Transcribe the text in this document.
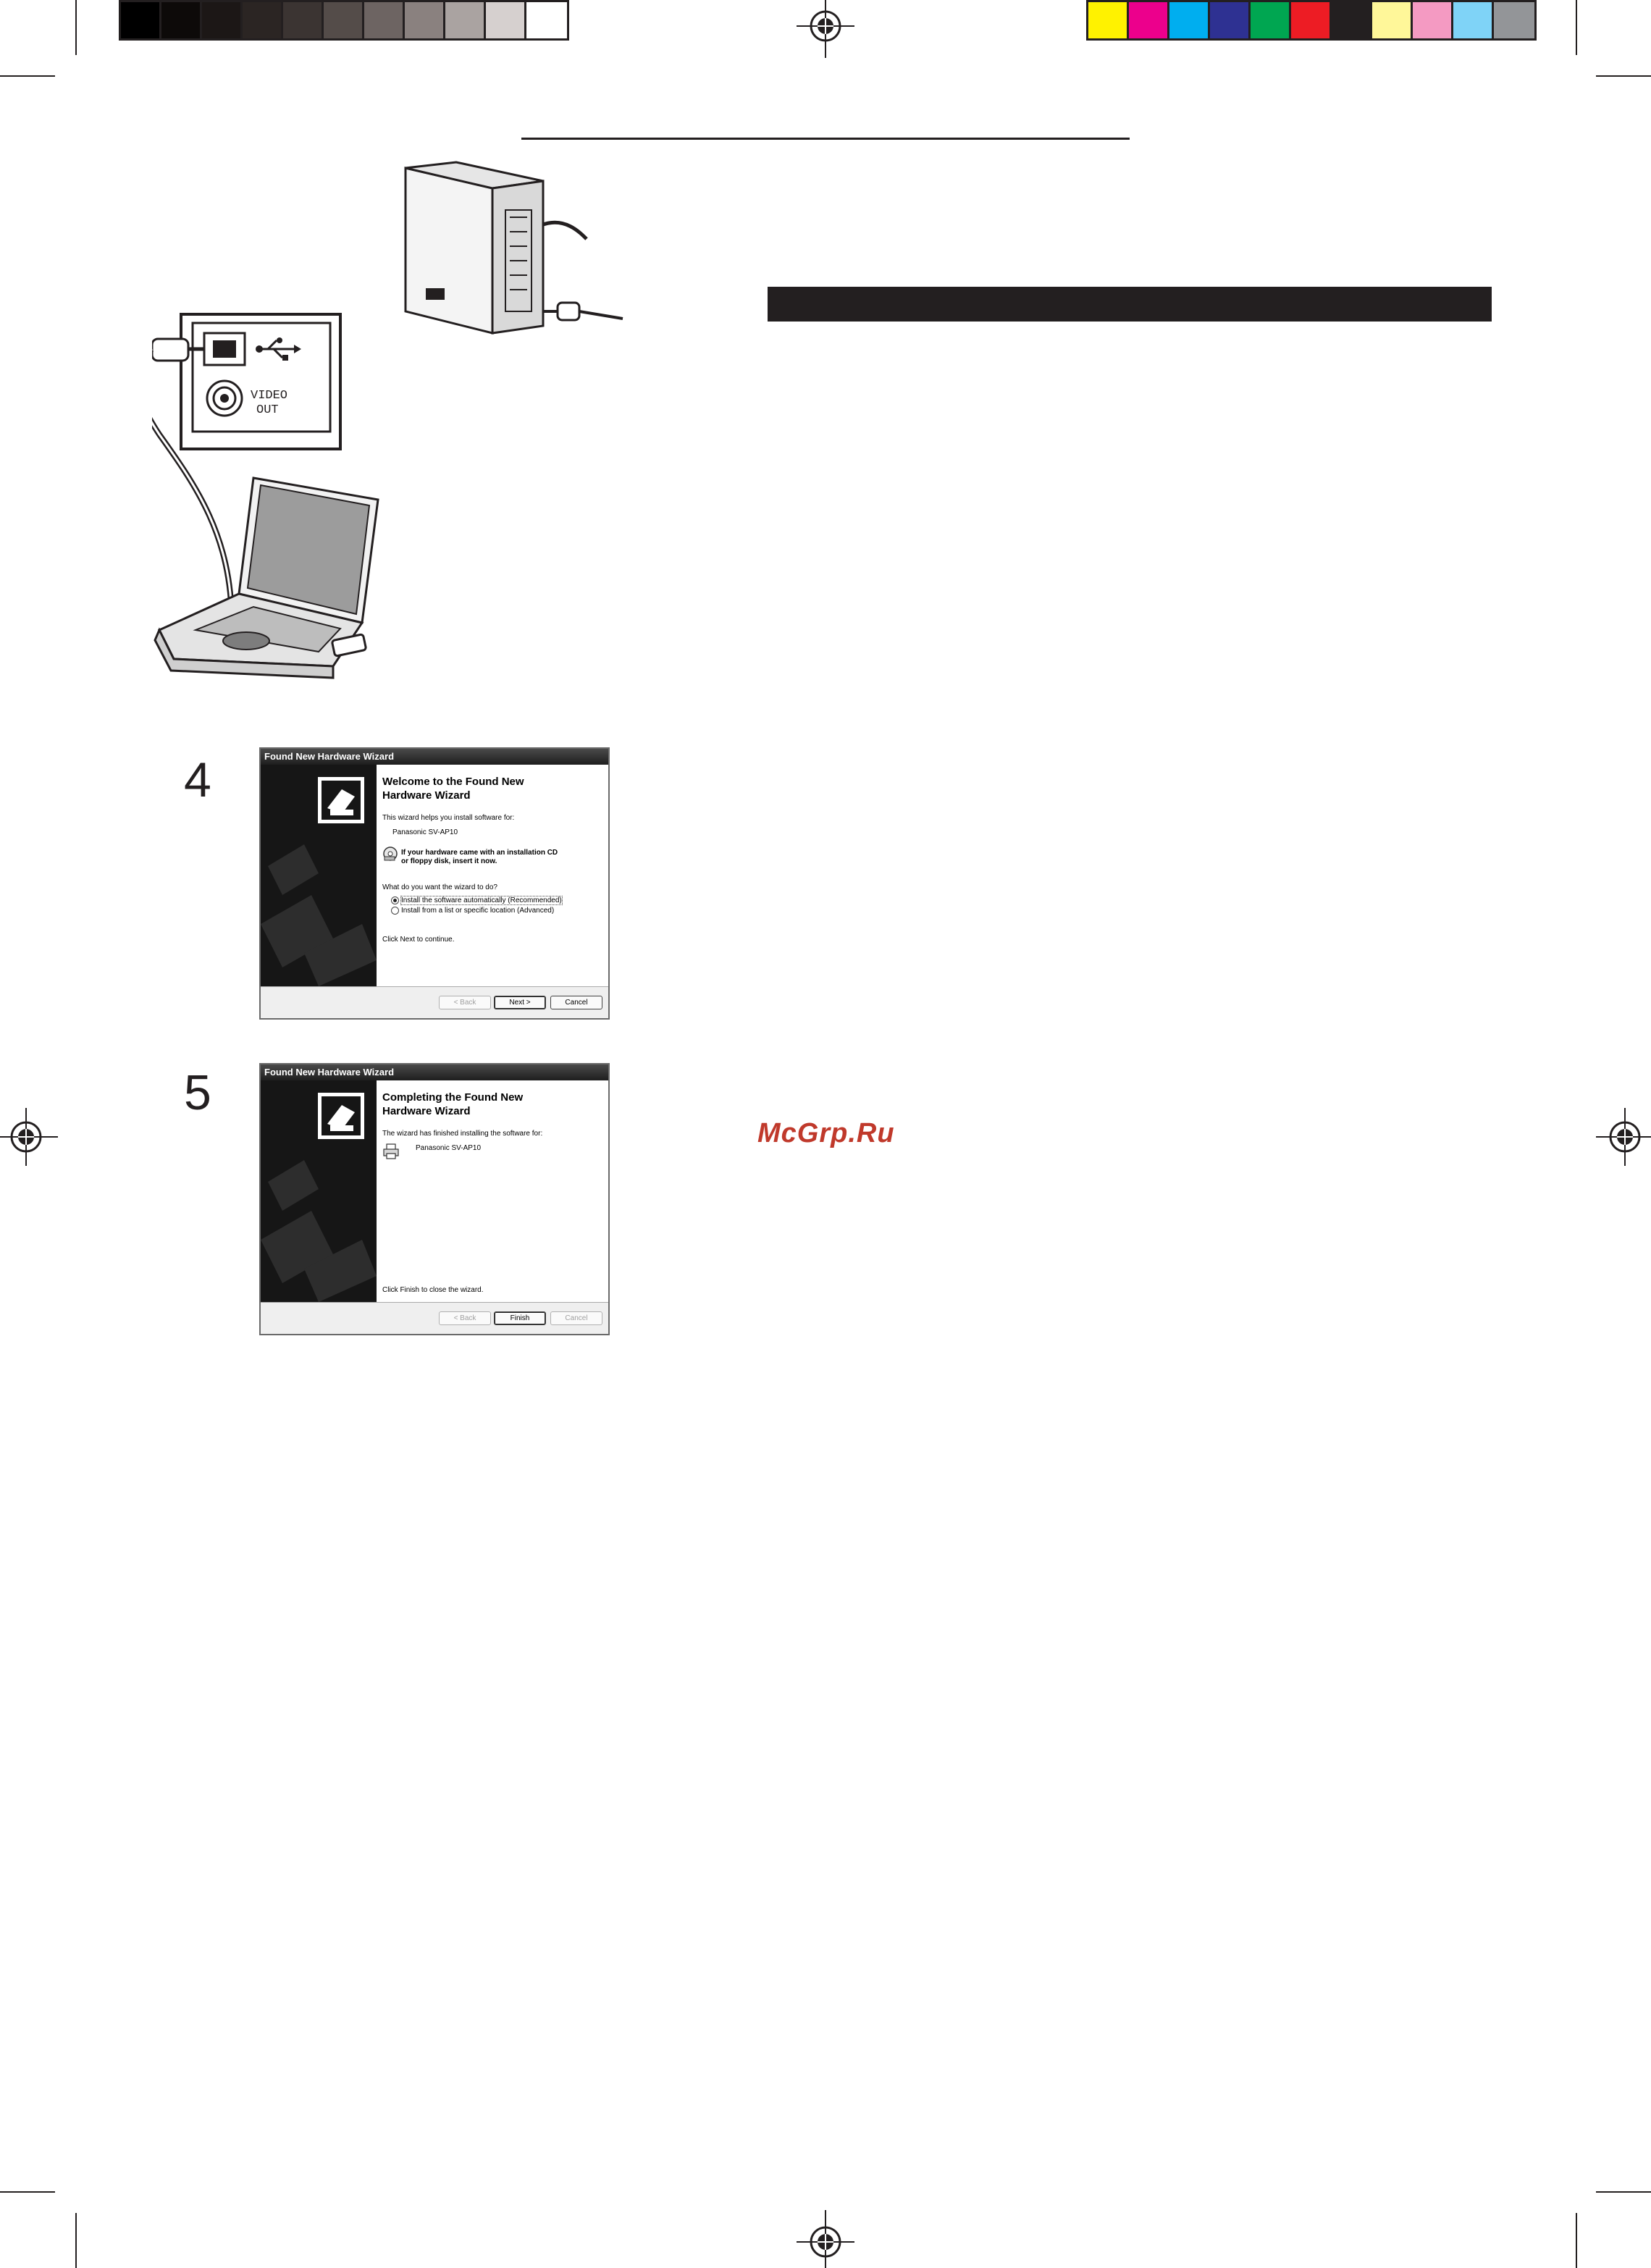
VIDEO
OUT
4
5
Found New Hardware Wizard
Welcome to the Found New
Hardware Wizard
This wizard helps you install software for:
Panasonic SV-AP10
If your hardware came with an installation CD
or floppy disk, insert it now.
What do you want the wizard to do?
Install the software automatically (Recommended)
Install from a list or specific location (Advanced)
Click Next to continue.
< Back	Next >	Cancel
Found New Hardware Wizard
Completing the Found New
Hardware Wizard
The wizard has finished installing the software for:
Panasonic SV-AP10
Click Finish to close the wizard.
< Back	Finish	Cancel
McGrp.Ru
